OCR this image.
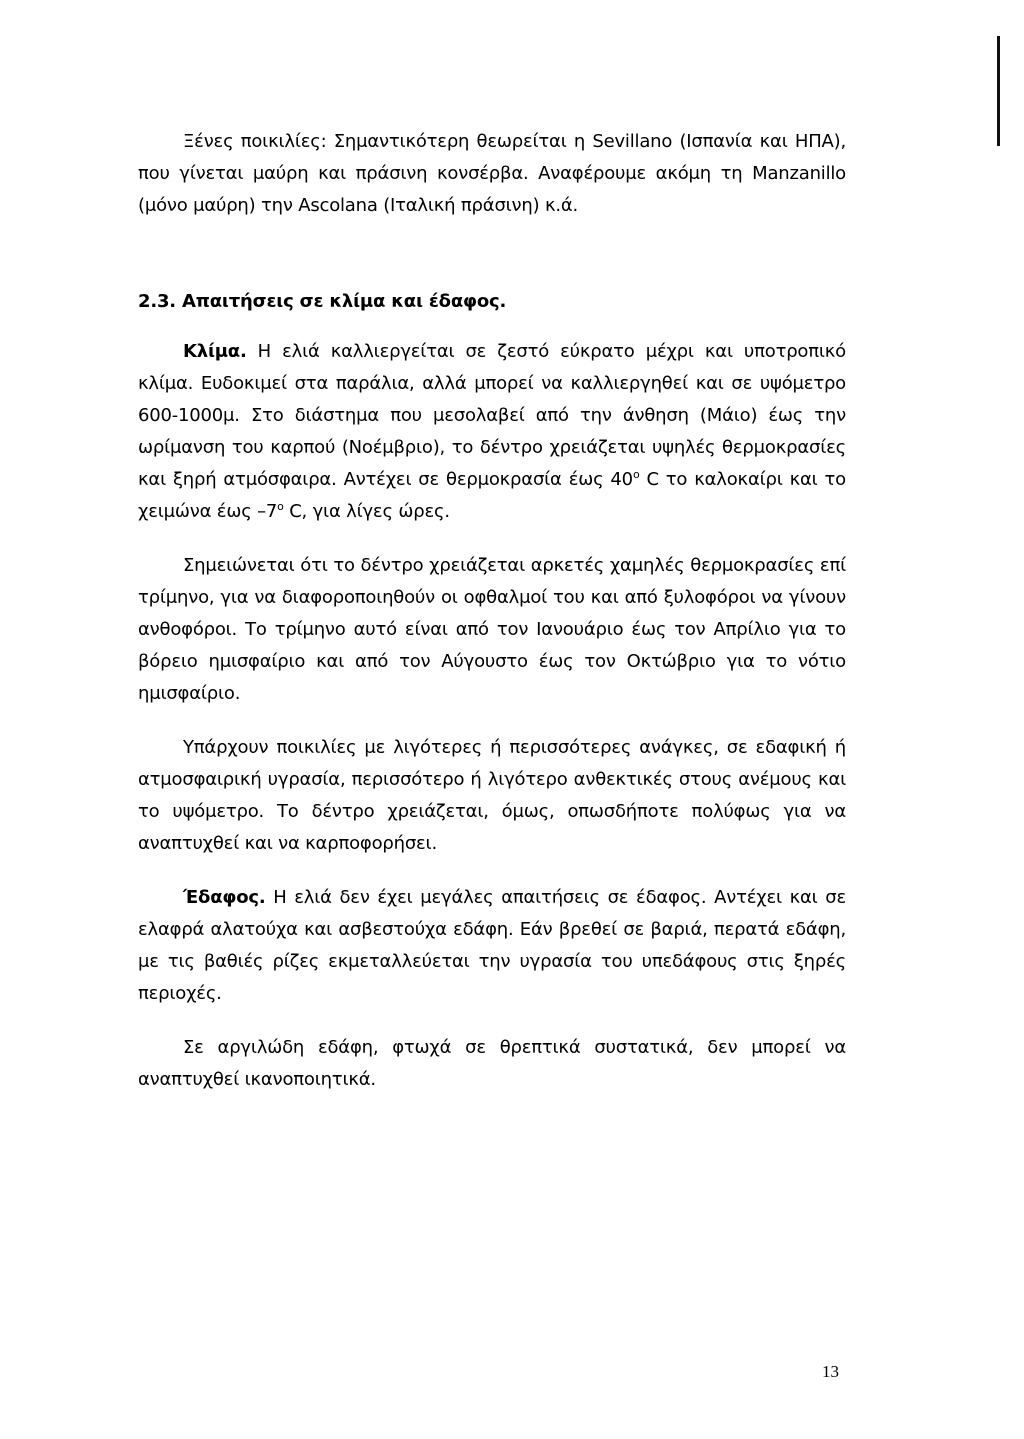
Ξένες ποικιλίες: Σημαντικότερη θεωρείται η Sevillano (Ισπανία και ΗΠΑ), που γίνεται μαύρη και πράσινη κονσέρβα. Αναφέρουμε ακόμη τη Manzanillo (μόνο μαύρη) την Ascolana (Ιταλική πράσινη) κ.ά.

2.3. Απαιτήσεις σε κλίμα και έδαφος.

Κλίμα. Η ελιά καλλιεργείται σε ζεστό εύκρατο μέχρι και υποτροπικό κλίμα. Ευδοκιμεί στα παράλια, αλλά μπορεί να καλλιεργηθεί και σε υψόμετρο 600-1000μ. Στο διάστημα που μεσολαβεί από την άνθηση (Μάιο) έως την ωρίμανση του καρπού (Νοέμβριο), το δέντρο χρειάζεται υψηλές θερμοκρασίες και ξηρή ατμόσφαιρα. Αντέχει σε θερμοκρασία έως $40^o$ C το καλοκαίρι και το χειμώνα έως $-7^o$ C, για λίγες ώρες.

Σημειώνεται ότι το δέντρο χρειάζεται αρκετές χαμηλές θερμοκρασίες επί τρίμηνο, για να διαφοροποιηθούν οι οφθαλμοί του και από ξυλοφόροι να γίνουν ανθοφόροι. Το τρίμηνο αυτό είναι από τον Ιανουάριο έως τον Απρίλιο για το βόρειο ημισφαίριο και από τον Αύγουστο έως τον Οκτώβριο για το νότιο ημισφαίριο.

Υπάρχουν ποικιλίες με λιγότερες ή περισσότερες ανάγκες, σε εδαφική ή ατμοσφαιρική υγρασία, περισσότερο ή λιγότερο ανθεκτικές στους ανέμους και το υψόμετρο. Το δέντρο χρειάζεται, όμως, οπωσδήποτε πολύφως για να αναπτυχθεί και να καρποφορήσει.

Έδαφος. Η ελιά δεν έχει μεγάλες απαιτήσεις σε έδαφος. Αντέχει και σε ελαφρά αλατούχα και ασβεστούχα εδάφη. Εάν βρεθεί σε βαριά, περατά εδάφη, με τις βαθιές ρίζες εκμεταλλεύεται την υγρασία του υπεδάφους στις ξηρές περιοχές.

Σε αργιλώδη εδάφη, φτωχά σε θρεπτικά συστατικά, δεν μπορεί να αναπτυχθεί ικανοποιητικά.

13
